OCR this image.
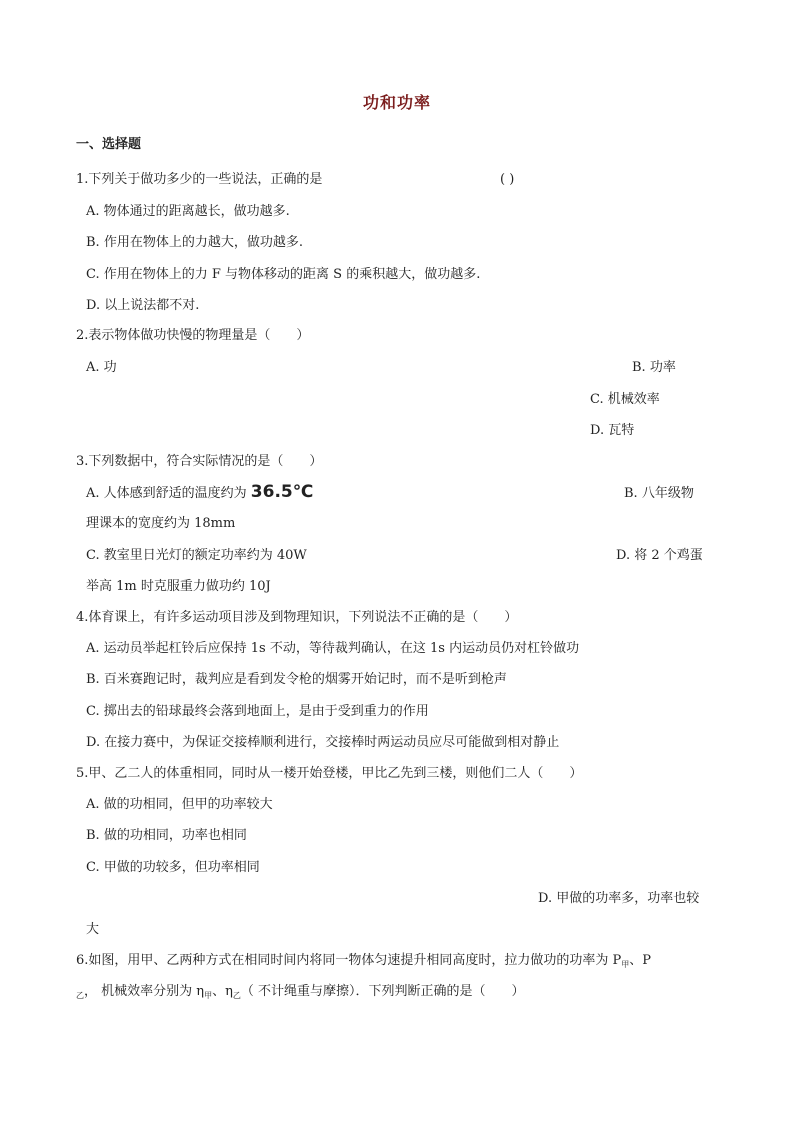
功和功率
一、选择题
1.下列关于做功多少的一些说法，正确的是	( )
A. 物体通过的距离越长，做功越多.
B. 作用在物体上的力越大，做功越多.
C. 作用在物体上的力 F 与物体移动的距离 S 的乘积越大，做功越多.
D. 以上说法都不对.
2.表示物体做功快慢的物理量是（　　）
A. 功	B. 功率
C. 机械效率
D. 瓦特
3.下列数据中，符合实际情况的是（　　）
A. 人体感到舒适的温度约为 36.5℃	B. 八年级物
理课本的宽度约为 18mm
C. 教室里日光灯的额定功率约为 40W	D. 将 2 个鸡蛋
举高 1m 时克服重力做功约 10J
4.体育课上，有许多运动项目涉及到物理知识，下列说法不正确的是（　　）
A. 运动员举起杠铃后应保持 1s 不动，等待裁判确认，在这 1s 内运动员仍对杠铃做功
B. 百米赛跑记时，裁判应是看到发令枪的烟雾开始记时，而不是听到枪声
C. 掷出去的铅球最终会落到地面上，是由于受到重力的作用
D. 在接力赛中，为保证交接棒顺利进行，交接棒时两运动员应尽可能做到相对静止
5.甲、乙二人的体重相同，同时从一楼开始登楼，甲比乙先到三楼，则他们二人（　　）
A. 做的功相同，但甲的功率较大
B. 做的功相同，功率也相同
C. 甲做的功较多，但功率相同
D. 甲做的功率多，功率也较
大
6.如图，用甲、乙两种方式在相同时间内将同一物体匀速提升相同高度时，拉力做功的功率为 $P_甲$、P
$_乙$， 机械效率分别为 $\eta_甲$、$\eta_乙$（ 不计绳重与摩擦）．下列判断正确的是（　　）
